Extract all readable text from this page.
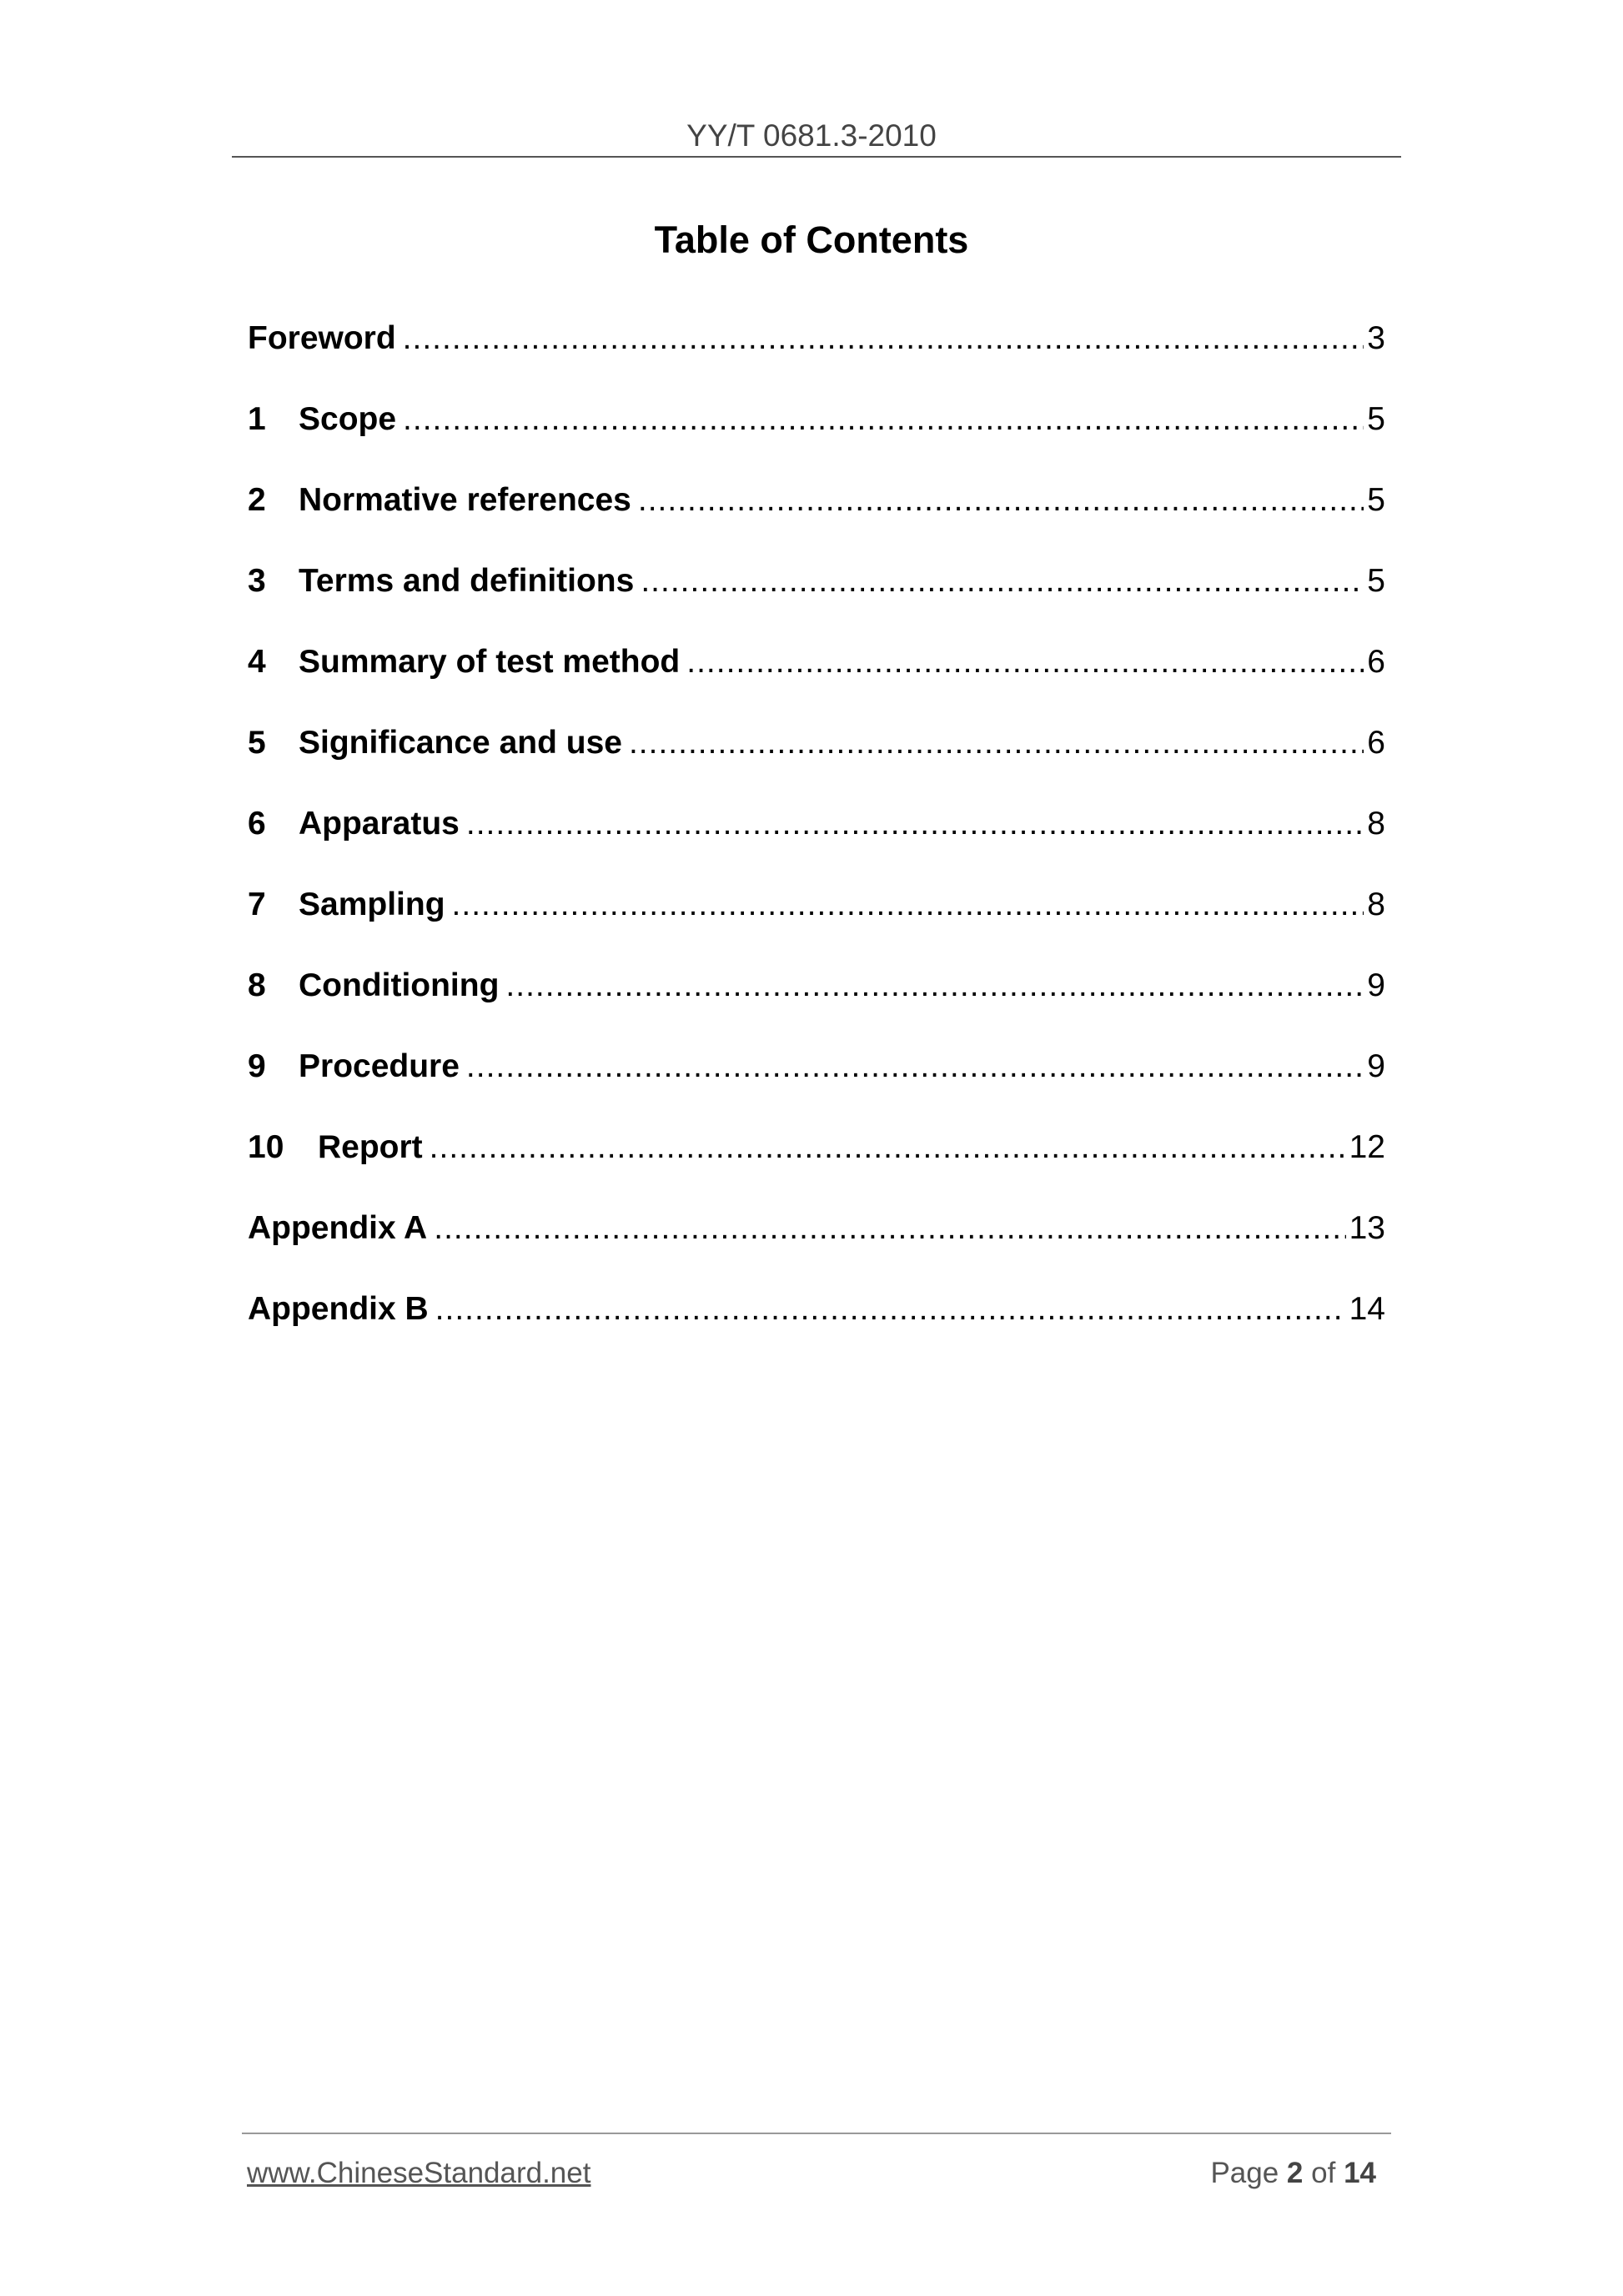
YY/T 0681.3-2010
Table of Contents
Foreword .....	3
1	Scope .....	5
2	Normative references .....	5
3	Terms and definitions .....	5
4	Summary of test method .....	6
5	Significance and use .....	6
6	Apparatus .....	8
7	Sampling .....	8
8	Conditioning .....	9
9	Procedure .....	9
10	Report .....	12
Appendix A .....	13
Appendix B .....	14
www.ChineseStandard.net	Page 2 of 14
